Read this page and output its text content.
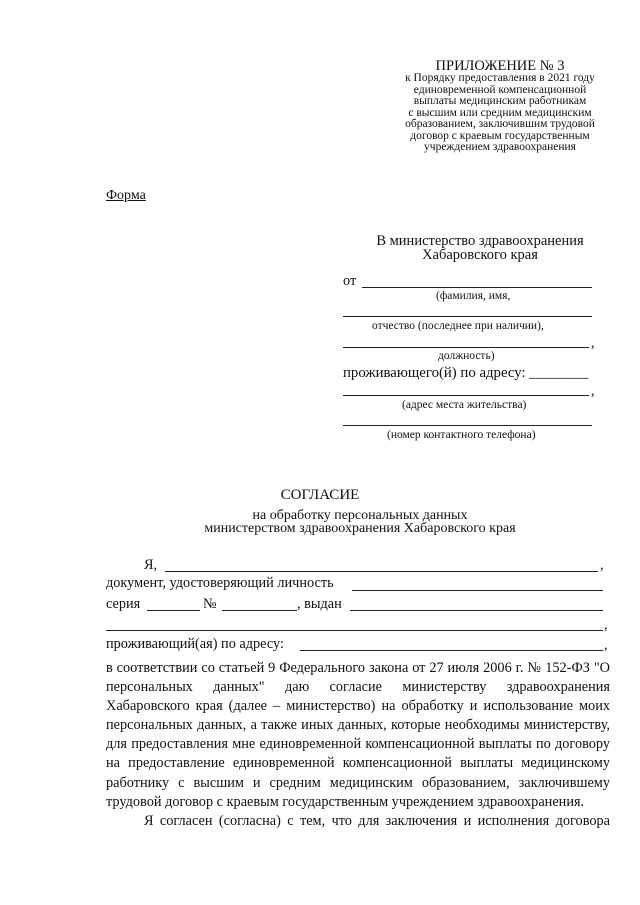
ПРИЛОЖЕНИЕ № 3
к Порядку предоставления в 2021 году
единовременной компенсационной
выплаты медицинским работникам
с высшим или средним медицинским
образованием, заключившим трудовой
договор с краевым государственным
учреждением здравоохранения
Форма
В министерство здравоохранения
Хабаровского края
от
(фамилия, имя,
отчество (последнее при наличии),
,
должность)
проживающего(й) по адресу: ________
,
(адрес места жительства)
(номер контактного телефона)
СОГЛАСИЕ
на обработку персональных данных
министерством здравоохранения Хабаровского края
Я,	,
документ, удостоверяющий личность
серия	№	, выдан
,
проживающий(ая) по адресу:	,
в соответствии со статьей 9 Федерального закона от 27 июля 2006 г. № 152-ФЗ "О персональных данных" даю согласие министерству здравоохранения Хабаровского края (далее – министерство) на обработку и использование моих персональных данных, а также иных данных, которые необходимы министерству, для предоставления мне единовременной компенсационной выплаты по договору на предоставление единовременной компенсационной выплаты медицинскому работнику с высшим и средним медицинским образованием, заключившему трудовой договор с краевым государственным учреждением здравоохранения.
Я согласен (согласна) с тем, что для заключения и исполнения договора
